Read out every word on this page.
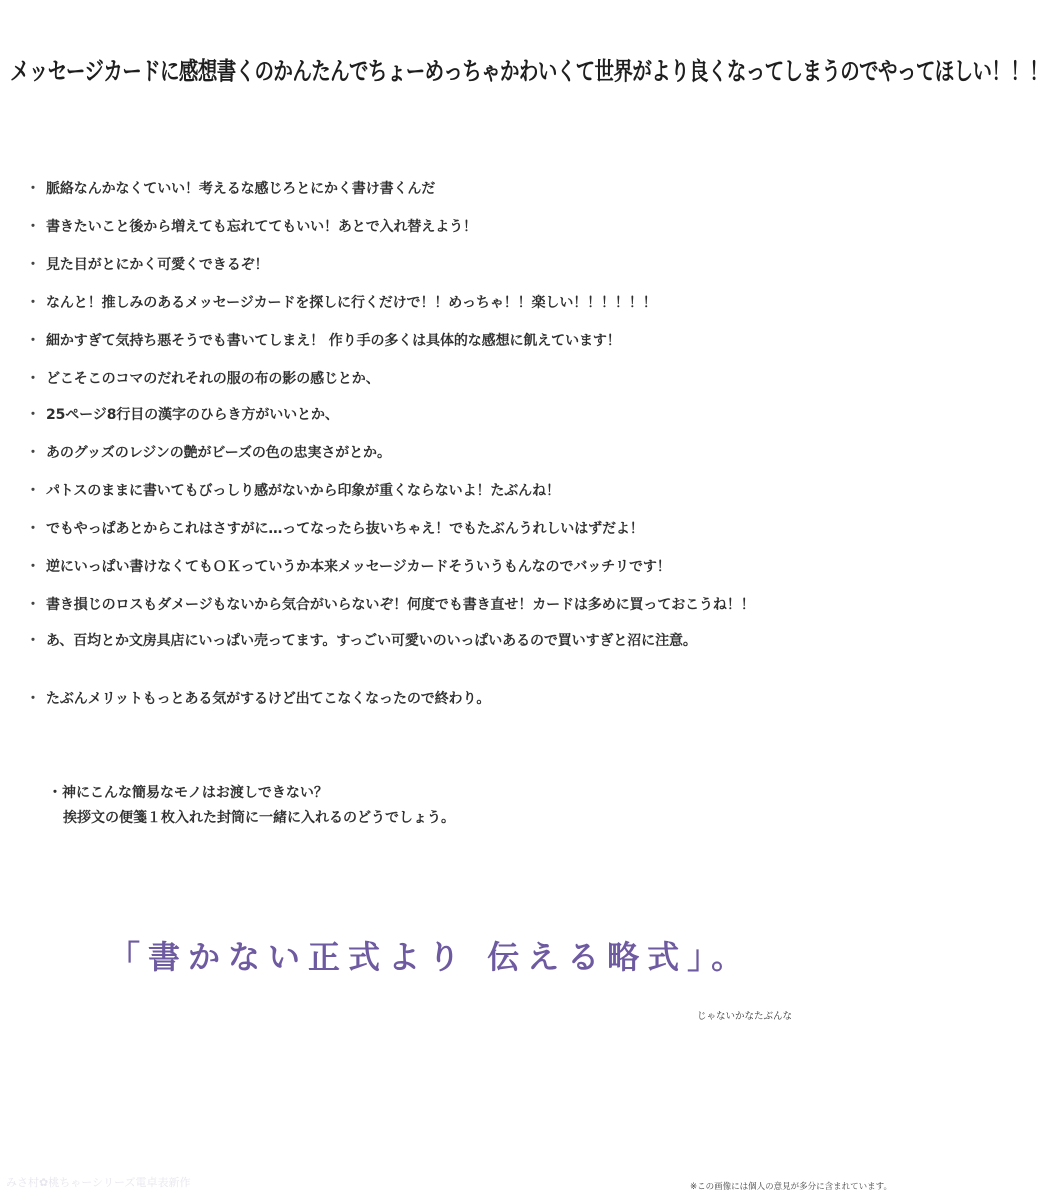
メッセージカードに感想書くのかんたんでちょーめっちゃかわいくて世界がより良くなってしまうのでやってほしい！！！
・ 脈絡なんかなくていい！考えるな感じろとにかく書け書くんだ
・ 書きたいこと後から増えても忘れててもいい！あとで入れ替えよう！
・ 見た目がとにかく可愛くできるぞ！
・ なんと！推しみのあるメッセージカードを探しに行くだけで！！めっちゃ！！楽しい！！！！！！
・ 細かすぎて気持ち悪そうでも書いてしまえ！ 作り手の多くは具体的な感想に飢えています！
・ どこそこのコマのだれそれの服の布の影の感じとか、
・ 25ページ8行目の漢字のひらき方がいいとか、
・ あのグッズのレジンの艶がビーズの色の忠実さがとか。
・ パトスのままに書いてもびっしり感がないから印象が重くならないよ！たぶんね！
・ でもやっぱあとからこれはさすがに…ってなったら抜いちゃえ！でもたぶんうれしいはずだよ！
・ 逆にいっぱい書けなくてもＯＫっていうか本来メッセージカードそういうもんなのでバッチリです！
・ 書き損じのロスもダメージもないから気合がいらないぞ！何度でも書き直せ！カードは多めに買っておこうね！！
・ あ、百均とか文房具店にいっぱい売ってます。すっごい可愛いのいっぱいあるので買いすぎと沼に注意。
・ たぶんメリットもっとある気がするけど出てこなくなったので終わり。
・神にこんな簡易なモノはお渡しできない？
挨拶文の便箋１枚入れた封筒に一緒に入れるのどうでしょう。
「書かない正式より 伝える略式」。
じゃないかなたぶんな
みさ村✿桃ちゃーシリーズ電卓表新作	※この画像には個人の意見が多分に含まれています。
